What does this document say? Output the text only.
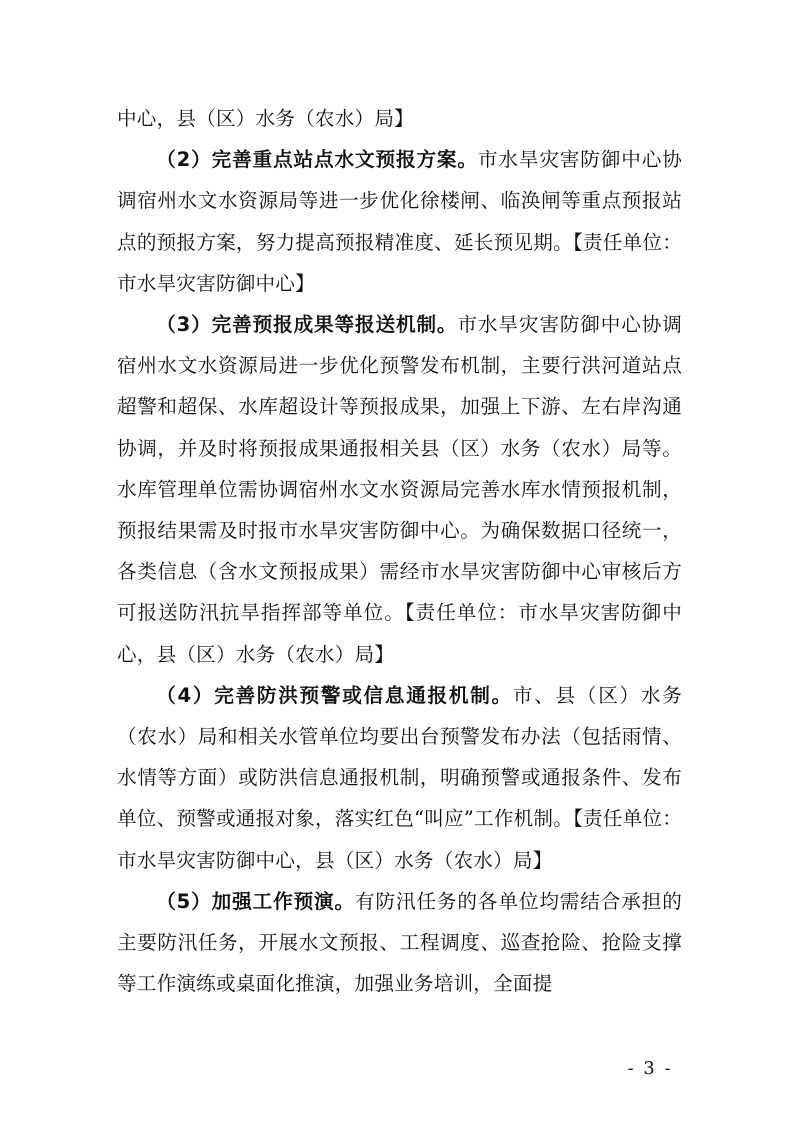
中心，县（区）水务（农水）局】

（2）完善重点站点水文预报方案。市水旱灾害防御中心协调宿州水文水资源局等进一步优化徐楼闸、临涣闸等重点预报站点的预报方案，努力提高预报精准度、延长预见期。【责任单位：市水旱灾害防御中心】

（3）完善预报成果等报送机制。市水旱灾害防御中心协调宿州水文水资源局进一步优化预警发布机制，主要行洪河道站点超警和超保、水库超设计等预报成果，加强上下游、左右岸沟通协调，并及时将预报成果通报相关县（区）水务（农水）局等。水库管理单位需协调宿州水文水资源局完善水库水情预报机制，预报结果需及时报市水旱灾害防御中心。为确保数据口径统一，各类信息（含水文预报成果）需经市水旱灾害防御中心审核后方可报送防汛抗旱指挥部等单位。【责任单位：市水旱灾害防御中心，县（区）水务（农水）局】

（4）完善防洪预警或信息通报机制。市、县（区）水务（农水）局和相关水管单位均要出台预警发布办法（包括雨情、水情等方面）或防洪信息通报机制，明确预警或通报条件、发布单位、预警或通报对象，落实红色“叫应”工作机制。【责任单位：市水旱灾害防御中心，县（区）水务（农水）局】

（5）加强工作预演。有防汛任务的各单位均需结合承担的主要防汛任务，开展水文预报、工程调度、巡查抢险、抢险支撑等工作演练或桌面化推演，加强业务培训，全面提

- 3 -
